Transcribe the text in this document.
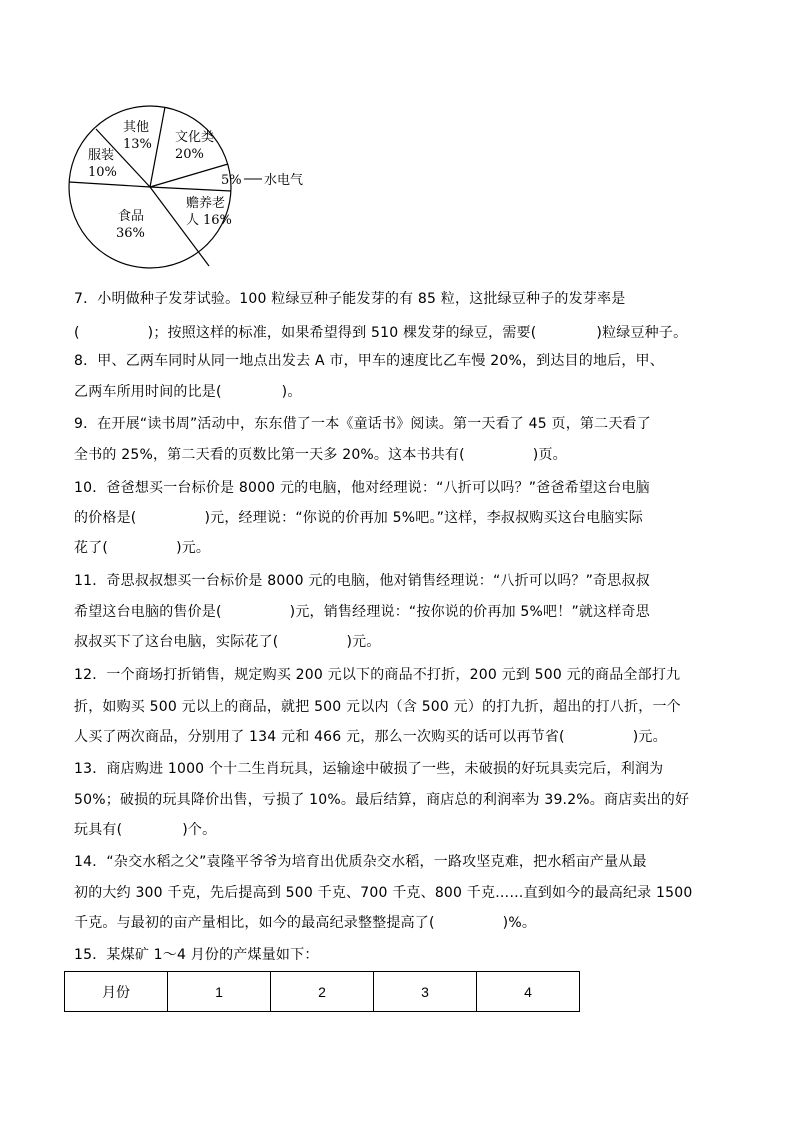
文化类
20%
5% 水电气
赡养老
人 16%
食品
36%
服装
10%
其他
13%
7．小明做种子发芽试验。100 粒绿豆种子能发芽的有 85 粒，这批绿豆种子的发芽率是
(	)；按照这样的标准，如果希望得到 510 棵发芽的绿豆，需要(	)粒绿豆种子。
8．甲、乙两车同时从同一地点出发去 A 市，甲车的速度比乙车慢 20%，到达目的地后，甲、
乙两车所用时间的比是(	)。
9．在开展“读书周”活动中，东东借了一本《童话书》阅读。第一天看了 45 页，第二天看了
全书的 25%，第二天看的页数比第一天多 20%。这本书共有(	)页。
10．爸爸想买一台标价是 8000 元的电脑，他对经理说：“八折可以吗？”爸爸希望这台电脑
的价格是(	)元，经理说：“你说的价再加 5%吧。”这样，李叔叔购买这台电脑实际
花了(	)元。
11．奇思叔叔想买一台标价是 8000 元的电脑，他对销售经理说：“八折可以吗？”奇思叔叔
希望这台电脑的售价是(	)元，销售经理说：“按你说的价再加 5%吧！”就这样奇思
叔叔买下了这台电脑，实际花了(	)元。
12．一个商场打折销售，规定购买 200 元以下的商品不打折，200 元到 500 元的商品全部打九
折，如购买 500 元以上的商品，就把 500 元以内（含 500 元）的打九折，超出的打八折，一个
人买了两次商品，分别用了 134 元和 466 元，那么一次购买的话可以再节省(	)元。
13．商店购进 1000 个十二生肖玩具，运输途中破损了一些，未破损的好玩具卖完后，利润为
50%；破损的玩具降价出售，亏损了 10%。最后结算，商店总的利润率为 39.2%。商店卖出的好
玩具有(	)个。
14．“杂交水稻之父”袁隆平爷爷为培育出优质杂交水稻，一路攻坚克难，把水稻亩产量从最
初的大约 300 千克，先后提高到 500 千克、700 千克、800 千克……直到如今的最高纪录 1500
千克。与最初的亩产量相比，如今的最高纪录整整提高了(	)%。
15．某煤矿 1～4 月份的产煤量如下：
月份	1	2	3	4
